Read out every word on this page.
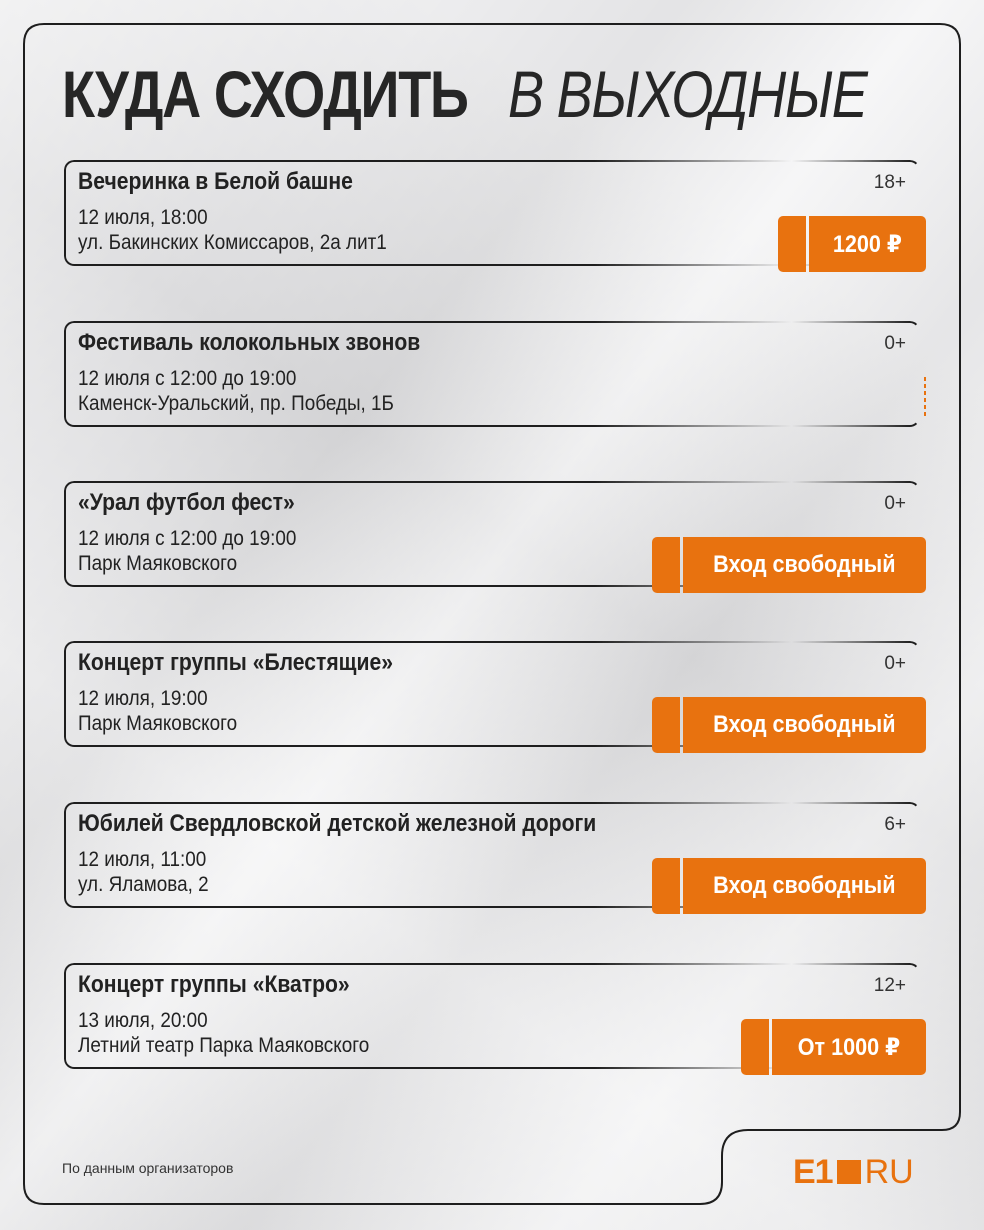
КУДА СХОДИТЬ В ВЫХОДНЫЕ
Вечеринка в Белой башне
12 июля, 18:00
ул. Бакинских Комиссаров, 2а лит1
18+
1200 ₽
Фестиваль колокольных звонов
12 июля с 12:00 до 19:00
Каменск-Уральский, пр. Победы, 1Б
0+
«Урал футбол фест»
12 июля с 12:00 до 19:00
Парк Маяковского
0+
Вход свободный
Концерт группы «Блестящие»
12 июля, 19:00
Парк Маяковского
0+
Вход свободный
Юбилей Свердловской детской железной дороги
12 июля, 11:00
ул. Яламова, 2
6+
Вход свободный
Концерт группы «Кватро»
13 июля, 20:00
Летний театр Парка Маяковского
12+
От 1000 ₽
По данным организаторов	E1 RU
